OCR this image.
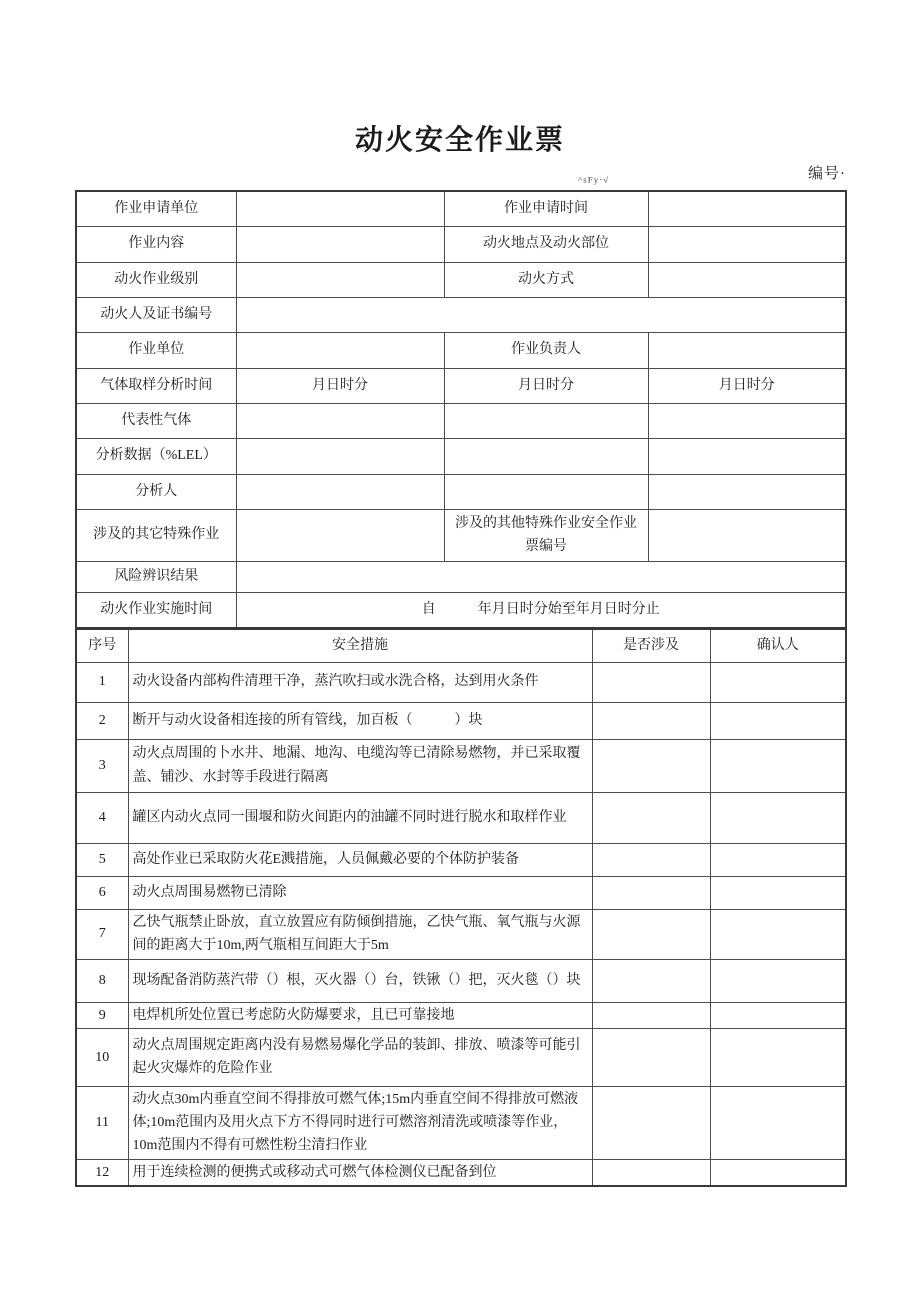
动火安全作业票
^sFy·√	编号·
作业申请单位		作业申请时间	
作业内容		动火地点及动火部位	
动火作业级别		动火方式	
动火人及证书编号			
作业单位		作业负责人	
气体取样分析时间	月日时分	月日时分	月日时分
代表性气体			
分析数据（%LEL）			
分析人			
涉及的其它特殊作业		涉及的其他特殊作业安全作业票编号	
风险辨识结果			
动火作业实施时间	自　　　年月日时分始至年月日时分止		
序号	安全措施	是否涉及	确认人
1	动火设备内部构件清理干净，蒸汽吹扫或水洗合格，达到用火条件		
2	断开与动火设备相连接的所有管线，加百板（　　　）块		
3	动火点周围的卜水井、地漏、地沟、电缆沟等已清除易燃物，并已采取覆盖、铺沙、水封等手段进行隔离		
4	罐区内动火点同一围堰和防火间距内的油罐不同时进行脱水和取样作业		
5	高处作业已采取防火花E溅措施，人员佩戴必要的个体防护装备		
6	动火点周围易燃物已清除		
7	乙快气瓶禁止卧放，直立放置应有防倾倒措施，乙快气瓶、氧气瓶与火源间的距离大于10m,两气瓶相互间距大于5m		
8	现场配备消防蒸汽带（）根，灭火器（）台，铁锹（）把，灭火毯（）块		
9	电焊机所处位置已考虑防火防爆要求，且已可靠接地		
10	动火点周围规定距离内没有易燃易爆化学品的装卸、排放、喷漆等可能引起火灾爆炸的危险作业		
11	动火点30m内垂直空间不得排放可燃气体;15m内垂直空间不得排放可燃液体;10m范围内及用火点下方不得同时进行可燃溶剂清洗或喷漆等作业，10m范围内不得有可燃性粉尘清扫作业		
12	用于连续检测的便携式或移动式可燃气体检测仪已配备到位		
